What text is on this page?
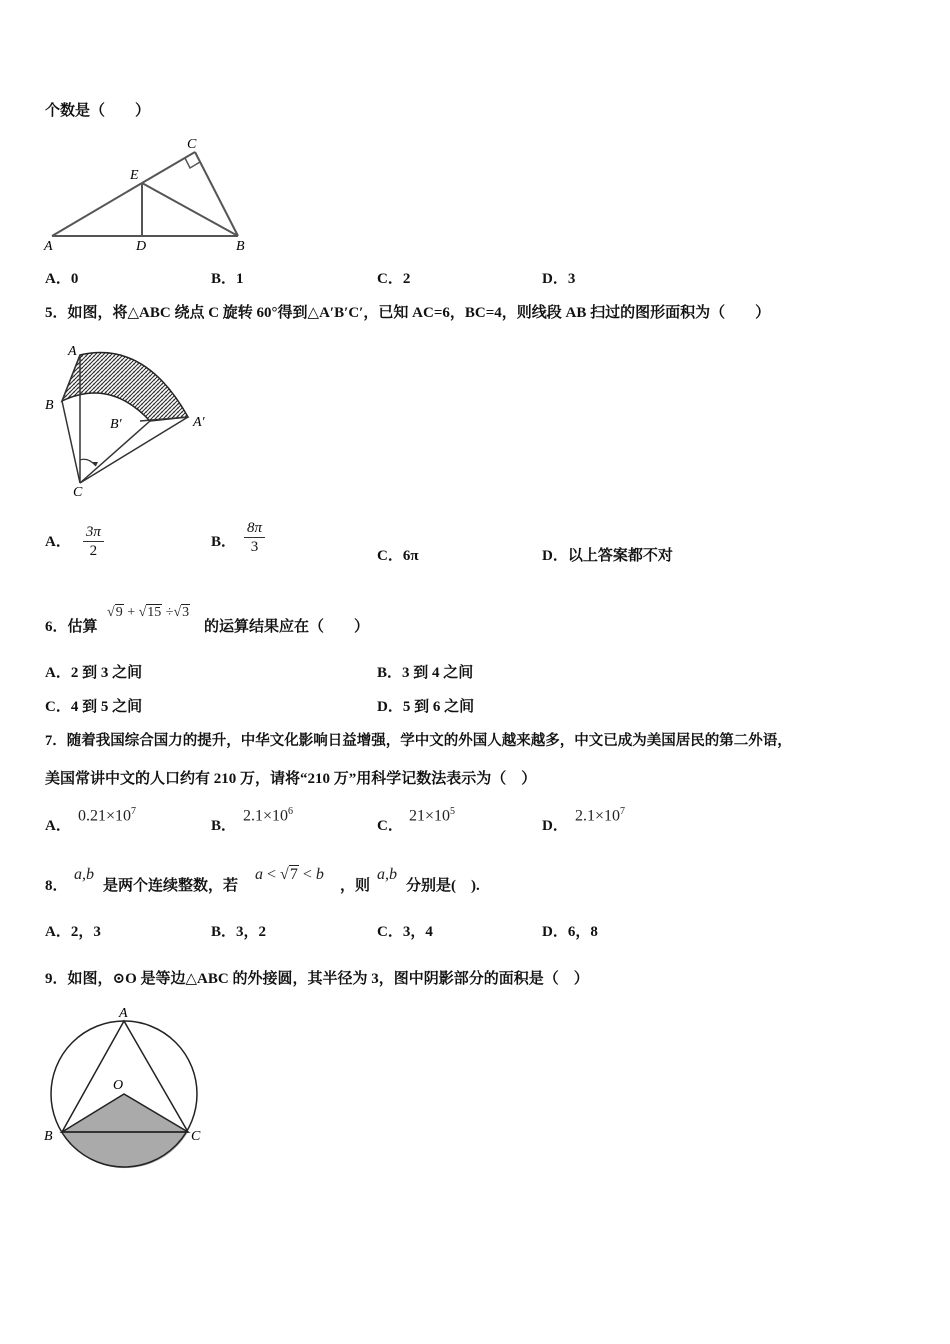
个数是（　　）
A	D	B
C
E
A．0	B．1	C．2	D．3
5．如图，将△ABC 绕点 C 旋转 60°得到△A′B′C′，已知 AC=6，BC=4，则线段 AB 扫过的图形面积为（　　）
A
B
B′	A′
C
A． $\frac{3\pi}{2}$	B． $\frac{8\pi}{3}$	C．6π	D．以上答案都不对
6．估算
√9 + √15 ÷√3
的运算结果应在（　　）
A．2 到 3 之间	B．3 到 4 之间
C．4 到 5 之间	D．5 到 6 之间
7．随着我国综合国力的提升，中华文化影响日益增强，学中文的外国人越来越多，中文已成为美国居民的第二外语，
美国常讲中文的人口约有 210 万，请将“210 万”用科学记数法表示为（　）
A．
$0.21\times 10^7$
B．
$2.1\times 10^6$
C．
$21\times 10^5$
D．
$2.1\times 10^7$
8．
a,b
是两个连续整数，若
a < √7 < b
，则
a,b
分别是(　).
A．2，3	B．3，2	C．3，4	D．6，8
9．如图，⊙O 是等边△ABC 的外接圆，其半径为 3，图中阴影部分的面积是（　）
A
O
B	C
